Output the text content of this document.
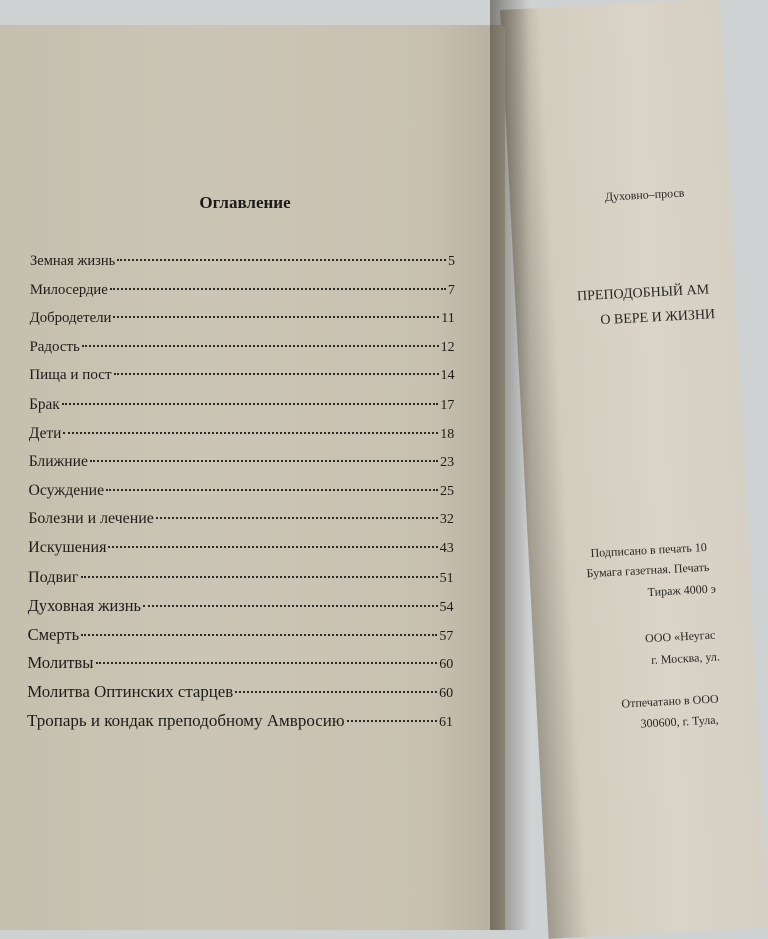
Духовно–просв
ПРЕПОДОБНЫЙ АМ
О ВЕРЕ И ЖИЗНИ
Подписано в печать 10
Бумага газетная. Печать
Тираж 4000 э
ООО «Неугас
г. Москва, ул.
Отпечатано в ООО
300600, г. Тула,
Оглавление
Земная жизнь	5
Милосердие	7
Добродетели	11
Радость	12
Пища и пост	14
Брак	17
Дети	18
Ближние	23
Осуждение	25
Болезни и лечение	32
Искушения	43
Подвиг	51
Духовная жизнь	54
Смерть	57
Молитвы	60
Молитва Оптинских старцев	60
Тропарь и кондак преподобному Амвросию	61
